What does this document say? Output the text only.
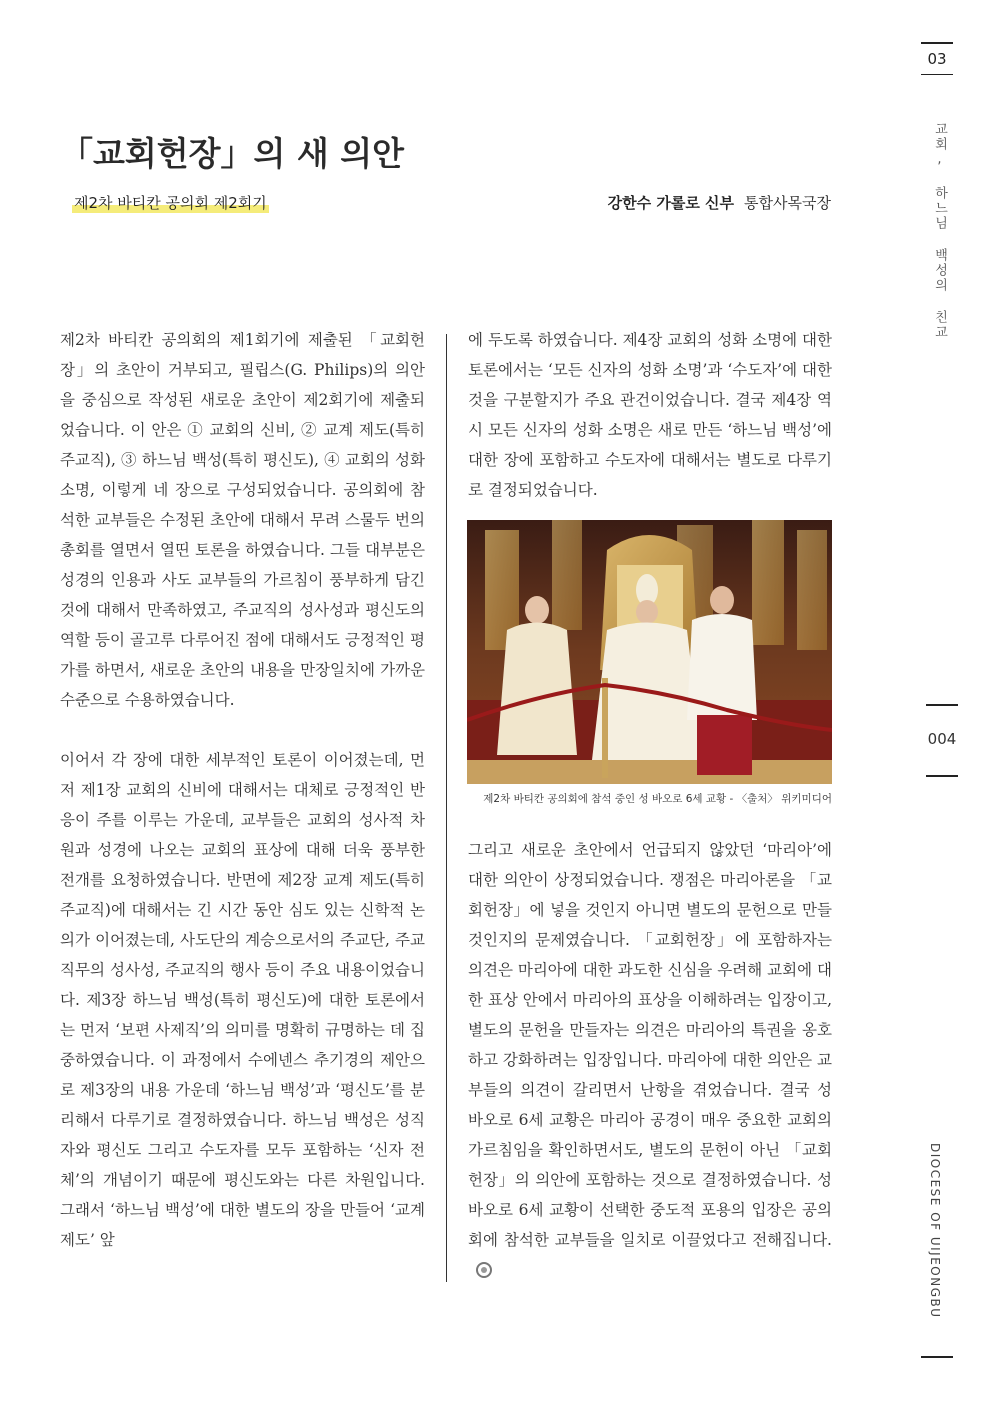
03
교회, 하느님 백성의 친교
004
DIOCESE OF UIJEONGBU
「교회헌장」의 새 의안
제2차 바티칸 공의회 제2회기	강한수 가롤로 신부 통합사목국장

제2차 바티칸 공의회의 제1회기에 제출된 「교회헌장」의 초안이 거부되고, 필립스(G. Philips)의 의안을 중심으로 작성된 새로운 초안이 제2회기에 제출되었습니다. 이 안은 ① 교회의 신비, ② 교계 제도(특히 주교직), ③ 하느님 백성(특히 평신도), ④ 교회의 성화 소명, 이렇게 네 장으로 구성되었습니다. 공의회에 참석한 교부들은 수정된 초안에 대해서 무려 스물두 번의 총회를 열면서 열띤 토론을 하였습니다. 그들 대부분은 성경의 인용과 사도 교부들의 가르침이 풍부하게 담긴 것에 대해서 만족하였고, 주교직의 성사성과 평신도의 역할 등이 골고루 다루어진 점에 대해서도 긍정적인 평가를 하면서, 새로운 초안의 내용을 만장일치에 가까운 수준으로 수용하였습니다.

이어서 각 장에 대한 세부적인 토론이 이어졌는데, 먼저 제1장 교회의 신비에 대해서는 대체로 긍정적인 반응이 주를 이루는 가운데, 교부들은 교회의 성사적 차원과 성경에 나오는 교회의 표상에 대해 더욱 풍부한 전개를 요청하였습니다. 반면에 제2장 교계 제도(특히 주교직)에 대해서는 긴 시간 동안 심도 있는 신학적 논의가 이어졌는데, 사도단의 계승으로서의 주교단, 주교 직무의 성사성, 주교직의 행사 등이 주요 내용이었습니다. 제3장 하느님 백성(특히 평신도)에 대한 토론에서는 먼저 ‘보편 사제직’의 의미를 명확히 규명하는 데 집중하였습니다. 이 과정에서 수에넨스 추기경의 제안으로 제3장의 내용 가운데 ‘하느님 백성’과 ‘평신도’를 분리해서 다루기로 결정하였습니다. 하느님 백성은 성직자와 평신도 그리고 수도자를 모두 포함하는 ‘신자 전체’의 개념이기 때문에 평신도와는 다른 차원입니다. 그래서 ‘하느님 백성’에 대한 별도의 장을 만들어 ‘교계 제도’ 앞

에 두도록 하였습니다. 제4장 교회의 성화 소명에 대한 토론에서는 ‘모든 신자의 성화 소명’과 ‘수도자’에 대한 것을 구분할지가 주요 관건이었습니다. 결국 제4장 역시 모든 신자의 성화 소명은 새로 만든 ‘하느님 백성’에 대한 장에 포함하고 수도자에 대해서는 별도로 다루기로 결정되었습니다.

제2차 바티칸 공의회에 참석 중인 성 바오로 6세 교황 - 〈출처〉 위키미디어

그리고 새로운 초안에서 언급되지 않았던 ‘마리아’에 대한 의안이 상정되었습니다. 쟁점은 마리아론을 「교회헌장」에 넣을 것인지 아니면 별도의 문헌으로 만들 것인지의 문제였습니다. 「교회헌장」에 포함하자는 의견은 마리아에 대한 과도한 신심을 우려해 교회에 대한 표상 안에서 마리아의 표상을 이해하려는 입장이고, 별도의 문헌을 만들자는 의견은 마리아의 특권을 옹호하고 강화하려는 입장입니다. 마리아에 대한 의안은 교부들의 의견이 갈리면서 난항을 겪었습니다. 결국 성 바오로 6세 교황은 마리아 공경이 매우 중요한 교회의 가르침임을 확인하면서도, 별도의 문헌이 아닌 「교회 헌장」의 의안에 포함하는 것으로 결정하였습니다. 성 바오로 6세 교황이 선택한 중도적 포용의 입장은 공의회에 참석한 교부들을 일치로 이끌었다고 전해집니다.
